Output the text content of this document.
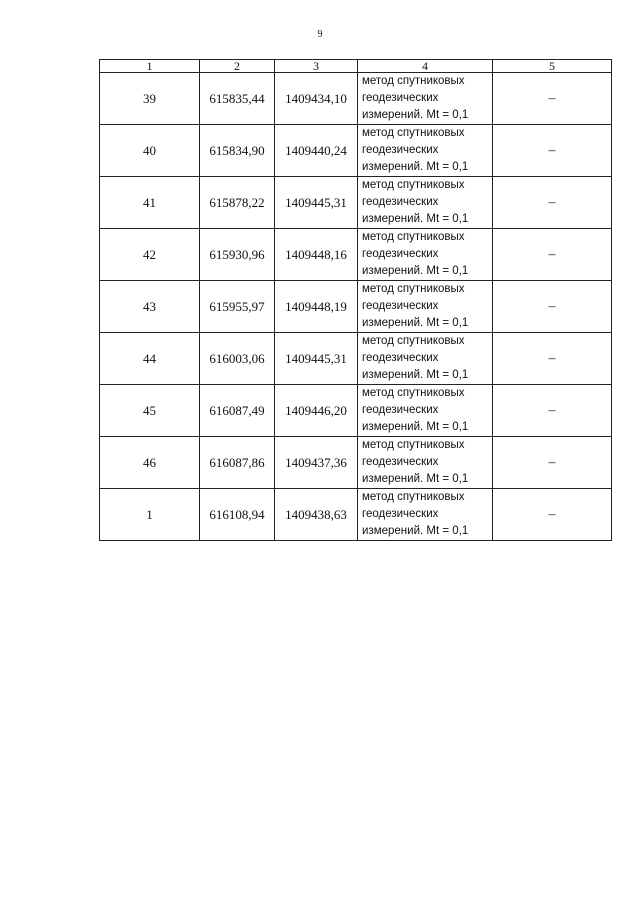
9
1	2	3	4	5
39	615835,44	1409434,10	метод спутниковых
геодезических
измерений. Mt = 0,1	–
40	615834,90	1409440,24	метод спутниковых
геодезических
измерений. Mt = 0,1	–
41	615878,22	1409445,31	метод спутниковых
геодезических
измерений. Mt = 0,1	–
42	615930,96	1409448,16	метод спутниковых
геодезических
измерений. Mt = 0,1	–
43	615955,97	1409448,19	метод спутниковых
геодезических
измерений. Mt = 0,1	–
44	616003,06	1409445,31	метод спутниковых
геодезических
измерений. Mt = 0,1	–
45	616087,49	1409446,20	метод спутниковых
геодезических
измерений. Mt = 0,1	–
46	616087,86	1409437,36	метод спутниковых
геодезических
измерений. Mt = 0,1	–
1	616108,94	1409438,63	метод спутниковых
геодезических
измерений. Mt = 0,1	–
